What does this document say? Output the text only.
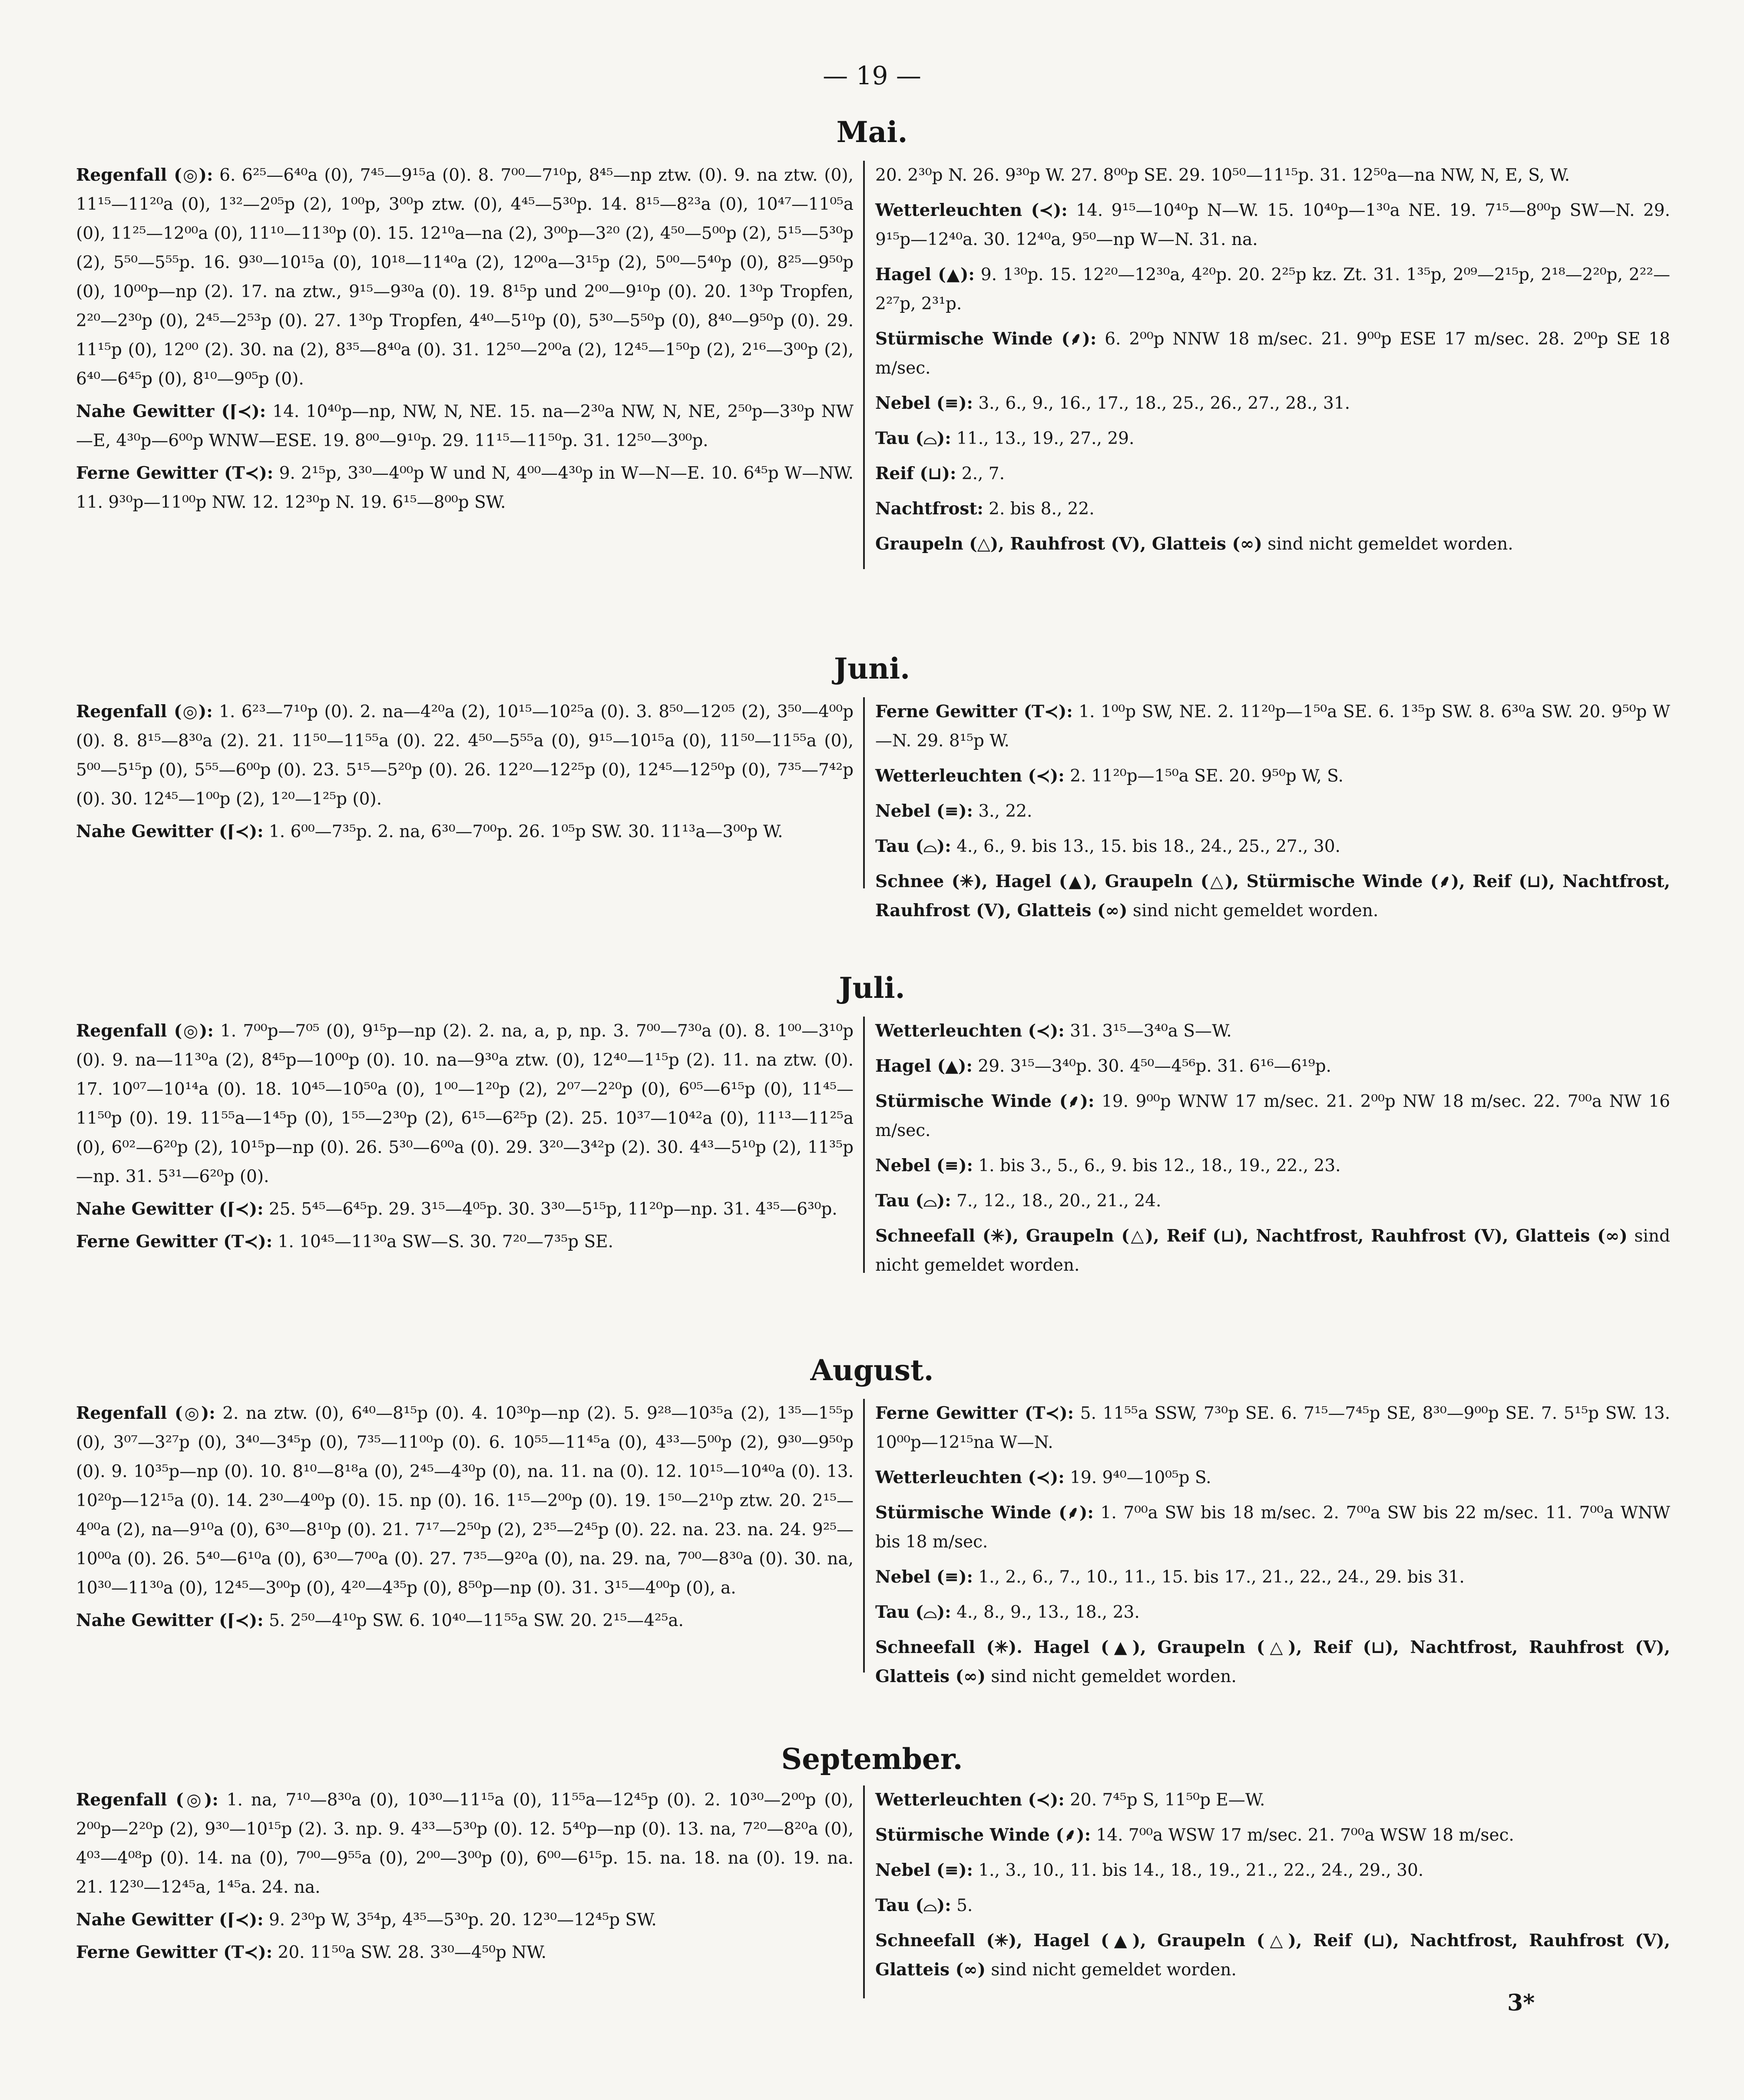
— 19 —
Mai.

Regenfall (◎): 6. 6²⁵—6⁴⁰a (0), 7⁴⁵—9¹⁵a (0). 8. 7⁰⁰—7¹⁰p, 8⁴⁵—np ztw. (0). 9. na ztw. (0), 11¹⁵—11²⁰a (0), 1³²—2⁰⁵p (2), 1⁰⁰p, 3⁰⁰p ztw. (0), 4⁴⁵—5³⁰p. 14. 8¹⁵—8²³a (0), 10⁴⁷—11⁰⁵a (0), 11²⁵—12⁰⁰a (0), 11¹⁰—11³⁰p (0). 15. 12¹⁰a—na (2), 3⁰⁰p—3²⁰ (2), 4⁵⁰—5⁰⁰p (2), 5¹⁵—5³⁰p (2), 5⁵⁰—5⁵⁵p. 16. 9³⁰—10¹⁵a (0), 10¹⁸—11⁴⁰a (2), 12⁰⁰a—3¹⁵p (2), 5⁰⁰—5⁴⁰p (0), 8²⁵—9⁵⁰p (0), 10⁰⁰p—np (2). 17. na ztw., 9¹⁵—9³⁰a (0). 19. 8¹⁵p und 2⁰⁰—9¹⁰p (0). 20. 1³⁰p Tropfen, 2²⁰—2³⁰p (0), 2⁴⁵—2⁵³p (0). 27. 1³⁰p Tropfen, 4⁴⁰—5¹⁰p (0), 5³⁰—5⁵⁰p (0), 8⁴⁰—9⁵⁰p (0). 29. 11¹⁵p (0), 12⁰⁰ (2). 30. na (2), 8³⁵—8⁴⁰a (0). 31. 12⁵⁰—2⁰⁰a (2), 12⁴⁵—1⁵⁰p (2), 2¹⁶—3⁰⁰p (2), 6⁴⁰—6⁴⁵p (0), 8¹⁰—9⁰⁵p (0).

Nahe Gewitter (⌈≺): 14. 10⁴⁰p—np, NW, N, NE. 15. na—2³⁰a NW, N, NE, 2⁵⁰p—3³⁰p NW—E, 4³⁰p—6⁰⁰p WNW—ESE. 19. 8⁰⁰—9¹⁰p. 29. 11¹⁵—11⁵⁰p. 31. 12⁵⁰—3⁰⁰p.

Ferne Gewitter (T≺): 9. 2¹⁵p, 3³⁰—4⁰⁰p W und N, 4⁰⁰—4³⁰p in W—N—E. 10. 6⁴⁵p W—NW. 11. 9³⁰p—11⁰⁰p NW. 12. 12³⁰p N. 19. 6¹⁵—8⁰⁰p SW.

20. 2³⁰p N. 26. 9³⁰p W. 27. 8⁰⁰p SE. 29. 10⁵⁰—11¹⁵p. 31. 12⁵⁰a—na NW, N, E, S, W.

Wetterleuchten (≺): 14. 9¹⁵—10⁴⁰p N—W. 15. 10⁴⁰p—1³⁰a NE. 19. 7¹⁵—8⁰⁰p SW—N. 29. 9¹⁵p—12⁴⁰a. 30. 12⁴⁰a, 9⁵⁰—np W—N. 31. na.

Hagel (▲): 9. 1³⁰p. 15. 12²⁰—12³⁰a, 4²⁰p. 20. 2²⁵p kz. Zt. 31. 1³⁵p, 2⁰⁹—2¹⁵p, 2¹⁸—2²⁰p, 2²²—2²⁷p, 2³¹p.

Stürmische Winde (⸙): 6. 2⁰⁰p NNW 18 m/sec. 21. 9⁰⁰p ESE 17 m/sec. 28. 2⁰⁰p SE 18 m/sec.

Nebel (≡): 3., 6., 9., 16., 17., 18., 25., 26., 27., 28., 31.

Tau (⌓): 11., 13., 19., 27., 29.

Reif (⊔): 2., 7.

Nachtfrost: 2. bis 8., 22.

Graupeln (△), Rauhfrost (V), Glatteis (∞) sind nicht gemeldet worden.

Juni.

Regenfall (◎): 1. 6²³—7¹⁰p (0). 2. na—4²⁰a (2), 10¹⁵—10²⁵a (0). 3. 8⁵⁰—12⁰⁵ (2), 3⁵⁰—4⁰⁰p (0). 8. 8¹⁵—8³⁰a (2). 21. 11⁵⁰—11⁵⁵a (0). 22. 4⁵⁰—5⁵⁵a (0), 9¹⁵—10¹⁵a (0), 11⁵⁰—11⁵⁵a (0), 5⁰⁰—5¹⁵p (0), 5⁵⁵—6⁰⁰p (0). 23. 5¹⁵—5²⁰p (0). 26. 12²⁰—12²⁵p (0), 12⁴⁵—12⁵⁰p (0), 7³⁵—7⁴²p (0). 30. 12⁴⁵—1⁰⁰p (2), 1²⁰—1²⁵p (0).

Nahe Gewitter (⌈≺): 1. 6⁰⁰—7³⁵p. 2. na, 6³⁰—7⁰⁰p. 26. 1⁰⁵p SW. 30. 11¹³a—3⁰⁰p W.

Ferne Gewitter (T≺): 1. 1⁰⁰p SW, NE. 2. 11²⁰p—1⁵⁰a SE. 6. 1³⁵p SW. 8. 6³⁰a SW. 20. 9⁵⁰p W—N. 29. 8¹⁵p W.

Wetterleuchten (≺): 2. 11²⁰p—1⁵⁰a SE. 20. 9⁵⁰p W, S.

Nebel (≡): 3., 22.

Tau (⌓): 4., 6., 9. bis 13., 15. bis 18., 24., 25., 27., 30.

Schnee (✳), Hagel (▲), Graupeln (△), Stürmische Winde (⸙), Reif (⊔), Nachtfrost, Rauhfrost (V), Glatteis (∞) sind nicht gemeldet worden.

Juli.

Regenfall (◎): 1. 7⁰⁰p—7⁰⁵ (0), 9¹⁵p—np (2). 2. na, a, p, np. 3. 7⁰⁰—7³⁰a (0). 8. 1⁰⁰—3¹⁰p (0). 9. na—11³⁰a (2), 8⁴⁵p—10⁰⁰p (0). 10. na—9³⁰a ztw. (0), 12⁴⁰—1¹⁵p (2). 11. na ztw. (0). 17. 10⁰⁷—10¹⁴a (0). 18. 10⁴⁵—10⁵⁰a (0), 1⁰⁰—1²⁰p (2), 2⁰⁷—2²⁰p (0), 6⁰⁵—6¹⁵p (0), 11⁴⁵—11⁵⁰p (0). 19. 11⁵⁵a—1⁴⁵p (0), 1⁵⁵—2³⁰p (2), 6¹⁵—6²⁵p (2). 25. 10³⁷—10⁴²a (0), 11¹³—11²⁵a (0), 6⁰²—6²⁰p (2), 10¹⁵p—np (0). 26. 5³⁰—6⁰⁰a (0). 29. 3²⁰—3⁴²p (2). 30. 4⁴³—5¹⁰p (2), 11³⁵p—np. 31. 5³¹—6²⁰p (0).

Nahe Gewitter (⌈≺): 25. 5⁴⁵—6⁴⁵p. 29. 3¹⁵—4⁰⁵p. 30. 3³⁰—5¹⁵p, 11²⁰p—np. 31. 4³⁵—6³⁰p.

Ferne Gewitter (T≺): 1. 10⁴⁵—11³⁰a SW—S. 30. 7²⁰—7³⁵p SE.

Wetterleuchten (≺): 31. 3¹⁵—3⁴⁰a S—W.

Hagel (▲): 29. 3¹⁵—3⁴⁰p. 30. 4⁵⁰—4⁵⁶p. 31. 6¹⁶—6¹⁹p.

Stürmische Winde (⸙): 19. 9⁰⁰p WNW 17 m/sec. 21. 2⁰⁰p NW 18 m/sec. 22. 7⁰⁰a NW 16 m/sec.

Nebel (≡): 1. bis 3., 5., 6., 9. bis 12., 18., 19., 22., 23.

Tau (⌓): 7., 12., 18., 20., 21., 24.

Schneefall (✳), Graupeln (△), Reif (⊔), Nachtfrost, Rauhfrost (V), Glatteis (∞) sind nicht gemeldet worden.

August.

Regenfall (◎): 2. na ztw. (0), 6⁴⁰—8¹⁵p (0). 4. 10³⁰p—np (2). 5. 9²⁸—10³⁵a (2), 1³⁵—1⁵⁵p (0), 3⁰⁷—3²⁷p (0), 3⁴⁰—3⁴⁵p (0), 7³⁵—11⁰⁰p (0). 6. 10⁵⁵—11⁴⁵a (0), 4³³—5⁰⁰p (2), 9³⁰—9⁵⁰p (0). 9. 10³⁵p—np (0). 10. 8¹⁰—8¹⁸a (0), 2⁴⁵—4³⁰p (0), na. 11. na (0). 12. 10¹⁵—10⁴⁰a (0). 13. 10²⁰p—12¹⁵a (0). 14. 2³⁰—4⁰⁰p (0). 15. np (0). 16. 1¹⁵—2⁰⁰p (0). 19. 1⁵⁰—2¹⁰p ztw. 20. 2¹⁵—4⁰⁰a (2), na—9¹⁰a (0), 6³⁰—8¹⁰p (0). 21. 7¹⁷—2⁵⁰p (2), 2³⁵—2⁴⁵p (0). 22. na. 23. na. 24. 9²⁵—10⁰⁰a (0). 26. 5⁴⁰—6¹⁰a (0), 6³⁰—7⁰⁰a (0). 27. 7³⁵—9²⁰a (0), na. 29. na, 7⁰⁰—8³⁰a (0). 30. na, 10³⁰—11³⁰a (0), 12⁴⁵—3⁰⁰p (0), 4²⁰—4³⁵p (0), 8⁵⁰p—np (0). 31. 3¹⁵—4⁰⁰p (0), a.

Nahe Gewitter (⌈≺): 5. 2⁵⁰—4¹⁰p SW. 6. 10⁴⁰—11⁵⁵a SW. 20. 2¹⁵—4²⁵a.

Ferne Gewitter (T≺): 5. 11⁵⁵a SSW, 7³⁰p SE. 6. 7¹⁵—7⁴⁵p SE, 8³⁰—9⁰⁰p SE. 7. 5¹⁵p SW. 13. 10⁰⁰p—12¹⁵na W—N.

Wetterleuchten (≺): 19. 9⁴⁰—10⁰⁵p S.

Stürmische Winde (⸙): 1. 7⁰⁰a SW bis 18 m/sec. 2. 7⁰⁰a SW bis 22 m/sec. 11. 7⁰⁰a WNW bis 18 m/sec.

Nebel (≡): 1., 2., 6., 7., 10., 11., 15. bis 17., 21., 22., 24., 29. bis 31.

Tau (⌓): 4., 8., 9., 13., 18., 23.

Schneefall (✳). Hagel (▲), Graupeln (△), Reif (⊔), Nachtfrost, Rauhfrost (V), Glatteis (∞) sind nicht gemeldet worden.

September.

Regenfall (◎): 1. na, 7¹⁰—8³⁰a (0), 10³⁰—11¹⁵a (0), 11⁵⁵a—12⁴⁵p (0). 2. 10³⁰—2⁰⁰p (0), 2⁰⁰p—2²⁰p (2), 9³⁰—10¹⁵p (2). 3. np. 9. 4³³—5³⁰p (0). 12. 5⁴⁰p—np (0). 13. na, 7²⁰—8²⁰a (0), 4⁰³—4⁰⁸p (0). 14. na (0), 7⁰⁰—9⁵⁵a (0), 2⁰⁰—3⁰⁰p (0), 6⁰⁰—6¹⁵p. 15. na. 18. na (0). 19. na. 21. 12³⁰—12⁴⁵a, 1⁴⁵a. 24. na.

Nahe Gewitter (⌈≺): 9. 2³⁰p W, 3⁵⁴p, 4³⁵—5³⁰p. 20. 12³⁰—12⁴⁵p SW.

Ferne Gewitter (T≺): 20. 11⁵⁰a SW. 28. 3³⁰—4⁵⁰p NW.

Wetterleuchten (≺): 20. 7⁴⁵p S, 11⁵⁰p E—W.

Stürmische Winde (⸙): 14. 7⁰⁰a WSW 17 m/sec. 21. 7⁰⁰a WSW 18 m/sec.

Nebel (≡): 1., 3., 10., 11. bis 14., 18., 19., 21., 22., 24., 29., 30.

Tau (⌓): 5.

Schneefall (✳), Hagel (▲), Graupeln (△), Reif (⊔), Nachtfrost, Rauhfrost (V), Glatteis (∞) sind nicht gemeldet worden.

3*
